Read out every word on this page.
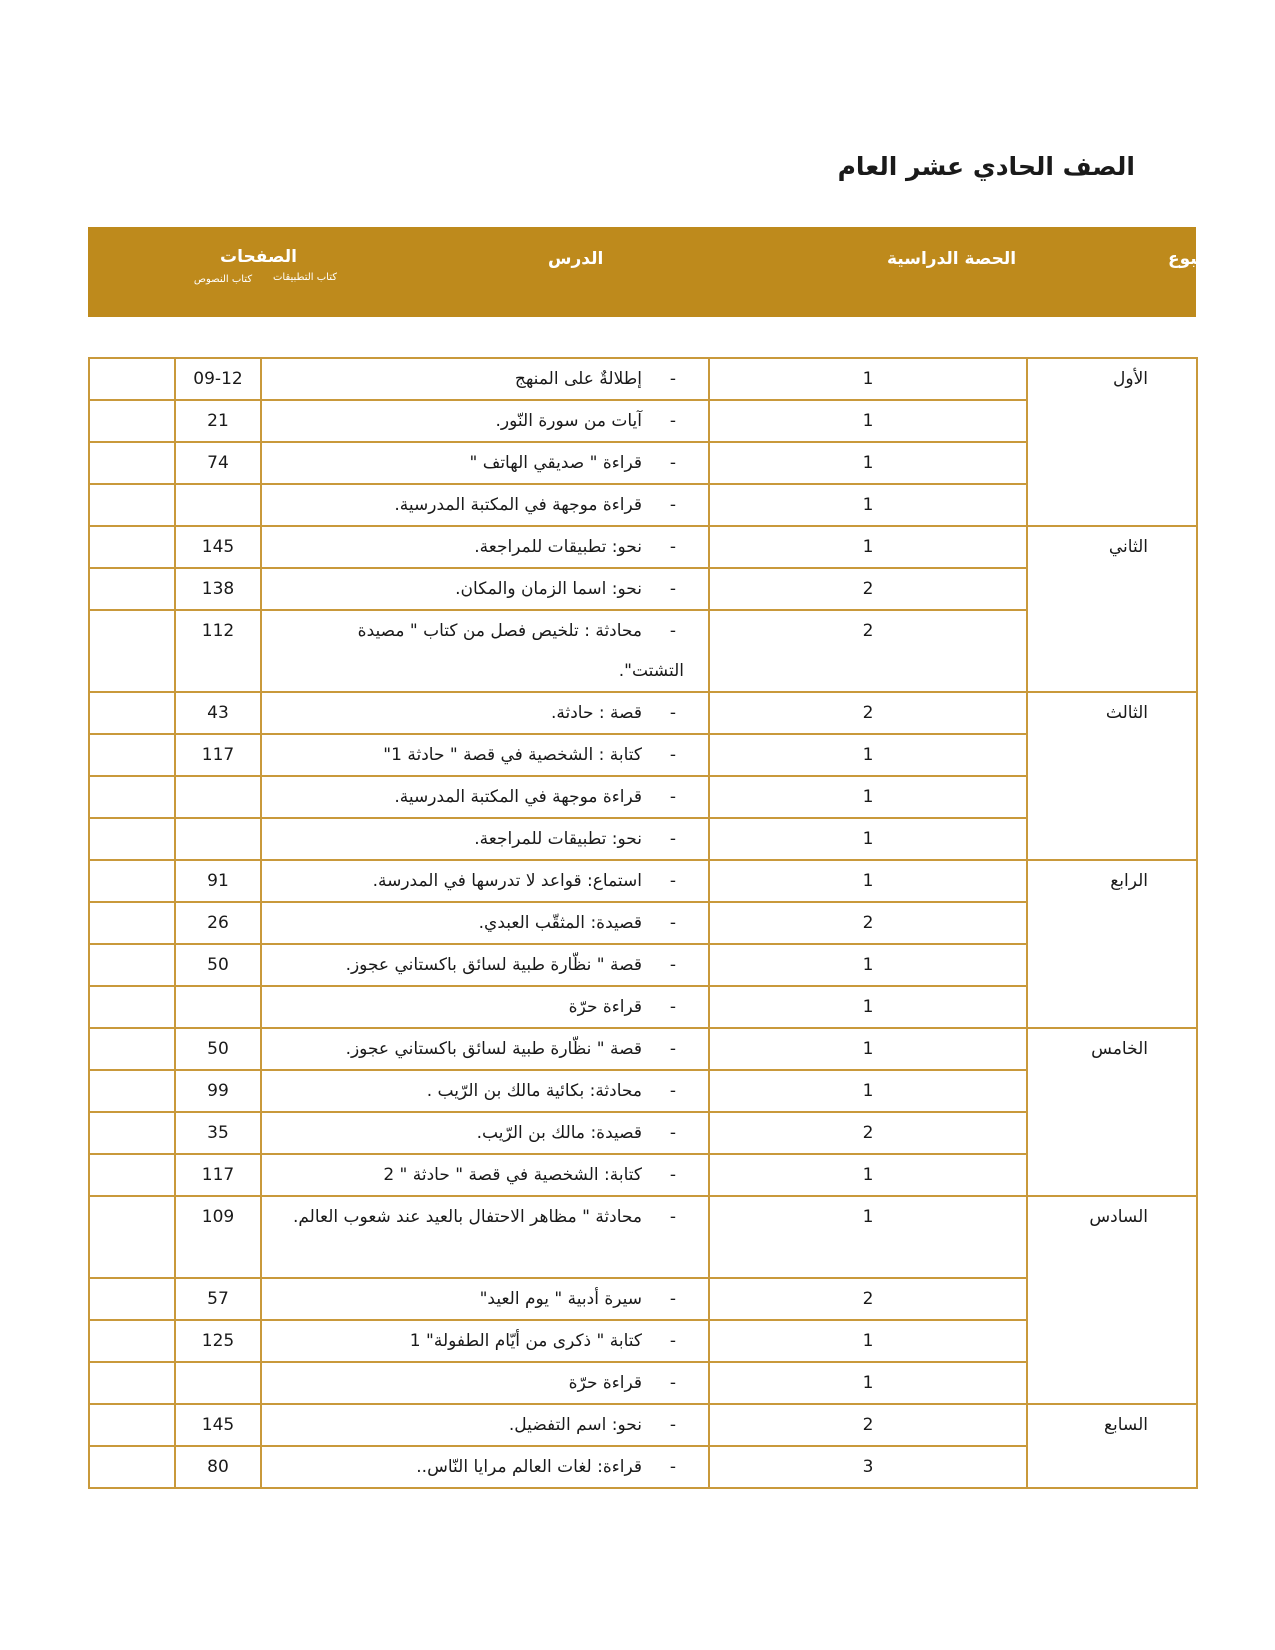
الصف الحادي عشر العام
الأسبوع
الحصة الدراسية
الدرس
الصفحات
كتاب التطبيقات
كتاب النصوص
	09-12	-إطلالةٌ على المنهج	1	الأول
	21	-آيات من سورة النّور.	1	
	74	-قراءة " صديقي الهاتف "	1	
		-قراءة موجهة في المكتبة المدرسية.	1	
	145	-نحو: تطبيقات للمراجعة.	1	الثاني
	138	-نحو: اسما الزمان والمكان.	2	
	112	-محادثة : تلخيص فصل من كتاب " مصيدة التشتت".	2	
	43	-قصة : حادثة.	2	الثالث
	117	-كتابة : الشخصية في قصة " حادثة 1"	1	
		-قراءة موجهة في المكتبة المدرسية.	1	
		-نحو: تطبيقات للمراجعة.	1	
	91	-استماع: قواعد لا تدرسها في المدرسة.	1	الرابع
	26	-قصيدة: المثقّب العبدي.	2	
	50	-قصة " نظّارة طبية لسائق باكستاني عجوز.	1	
		-قراءة حرّة	1	
	50	-قصة " نظّارة طبية لسائق باكستاني عجوز.	1	الخامس
	99	-محادثة: بكائية مالك بن الرّيب .	1	
	35	-قصيدة: مالك بن الرّيب.	2	
	117	-كتابة: الشخصية في قصة " حادثة " 2	1	
	109	-محادثة " مظاهر الاحتفال بالعيد عند شعوب العالم.	1	السادس
	57	-سيرة أدبية " يوم العيد"	2	
	125	-كتابة " ذكرى من أيّام الطفولة" 1	1	
		-قراءة حرّة	1	
	145	-نحو: اسم التفضيل.	2	السابع
	80	-قراءة: لغات العالم مرايا النّاس..	3	
